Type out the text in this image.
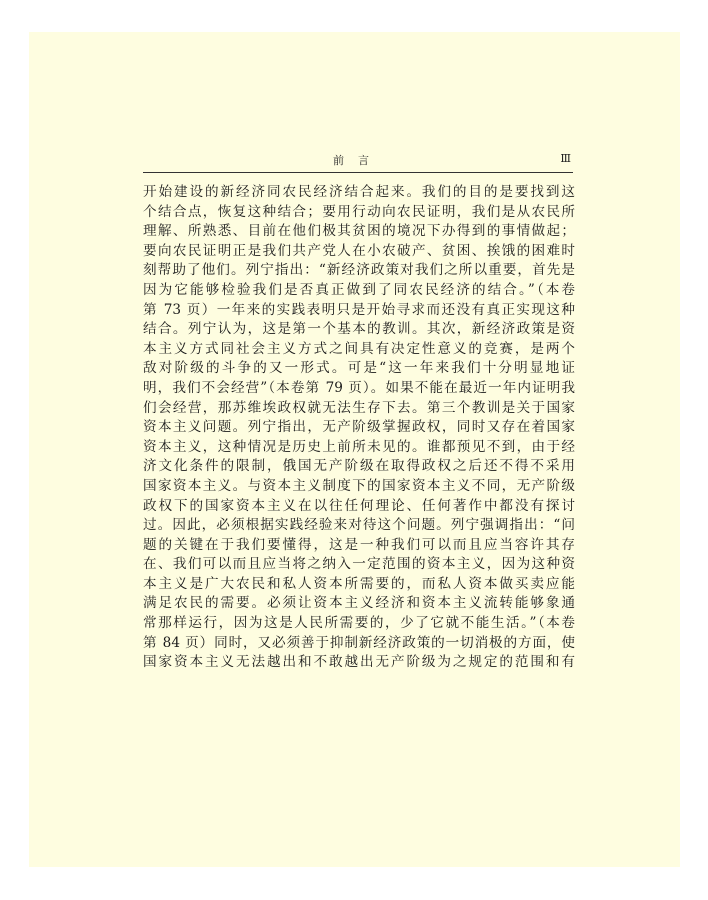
前言	Ⅲ
开始建设的新经济同农民经济结合起来。我们的目的是要找到这
个结合点，恢复这种结合；要用行动向农民证明，我们是从农民所
理解、所熟悉、目前在他们极其贫困的境况下办得到的事情做起；
要向农民证明正是我们共产党人在小农破产、贫困、挨饿的困难时
刻帮助了他们。列宁指出：“新经济政策对我们之所以重要，首先是
因为它能够检验我们是否真正做到了同农民经济的结合。”（本卷
第 73 页）一年来的实践表明只是开始寻求而还没有真正实现这种
结合。列宁认为，这是第一个基本的教训。其次，新经济政策是资
本主义方式同社会主义方式之间具有决定性意义的竞赛，是两个
敌对阶级的斗争的又一形式。可是“这一年来我们十分明显地证
明，我们不会经营”（本卷第 79 页）。如果不能在最近一年内证明我
们会经营，那苏维埃政权就无法生存下去。第三个教训是关于国家
资本主义问题。列宁指出，无产阶级掌握政权，同时又存在着国家
资本主义，这种情况是历史上前所未见的。谁都预见不到，由于经
济文化条件的限制，俄国无产阶级在取得政权之后还不得不采用
国家资本主义。与资本主义制度下的国家资本主义不同，无产阶级
政权下的国家资本主义在以往任何理论、任何著作中都没有探讨
过。因此，必须根据实践经验来对待这个问题。列宁强调指出：“问
题的关键在于我们要懂得，这是一种我们可以而且应当容许其存
在、我们可以而且应当将之纳入一定范围的资本主义，因为这种资
本主义是广大农民和私人资本所需要的，而私人资本做买卖应能
满足农民的需要。必须让资本主义经济和资本主义流转能够象通
常那样运行，因为这是人民所需要的，少了它就不能生活。”（本卷
第 84 页）同时，又必须善于抑制新经济政策的一切消极的方面，使
国家资本主义无法越出和不敢越出无产阶级为之规定的范围和有
